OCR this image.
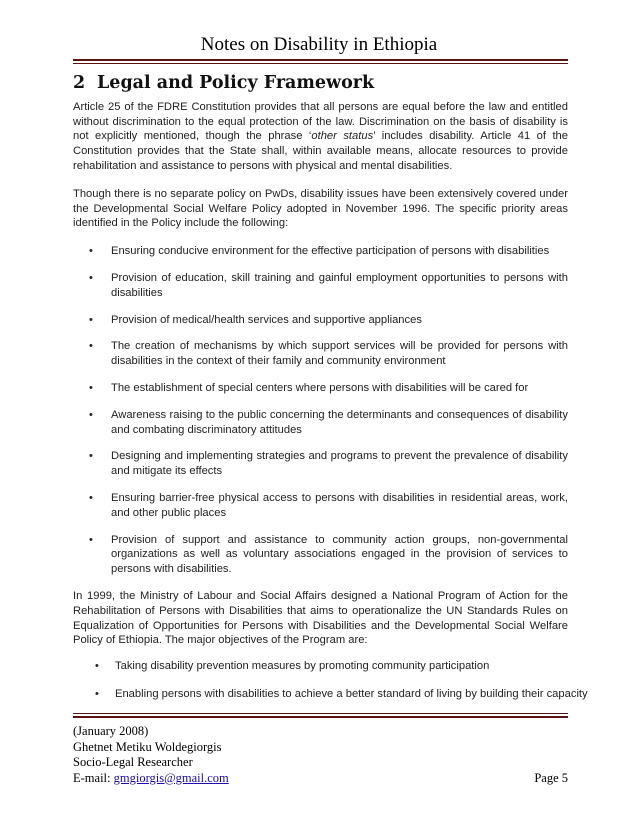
Notes on Disability in Ethiopia
2 Legal and Policy Framework

Article 25 of the FDRE Constitution provides that all persons are equal before the law and entitled without discrimination to the equal protection of the law. Discrimination on the basis of disability is not explicitly mentioned, though the phrase ‘other status’ includes disability. Article 41 of the Constitution provides that the State shall, within available means, allocate resources to provide rehabilitation and assistance to persons with physical and mental disabilities.

Though there is no separate policy on PwDs, disability issues have been extensively covered under the Developmental Social Welfare Policy adopted in November 1996. The specific priority areas identified in the Policy include the following:

• Ensuring conducive environment for the effective participation of persons with disabilities
• Provision of education, skill training and gainful employment opportunities to persons with disabilities
• Provision of medical/health services and supportive appliances
• The creation of mechanisms by which support services will be provided for persons with disabilities in the context of their family and community environment
• The establishment of special centers where persons with disabilities will be cared for
• Awareness raising to the public concerning the determinants and consequences of disability and combating discriminatory attitudes
• Designing and implementing strategies and programs to prevent the prevalence of disability and mitigate its effects
• Ensuring barrier-free physical access to persons with disabilities in residential areas, work, and other public places
• Provision of support and assistance to community action groups, non-governmental organizations as well as voluntary associations engaged in the provision of services to persons with disabilities.

In 1999, the Ministry of Labour and Social Affairs designed a National Program of Action for the Rehabilitation of Persons with Disabilities that aims to operationalize the UN Standards Rules on Equalization of Opportunities for Persons with Disabilities and the Developmental Social Welfare Policy of Ethiopia. The major objectives of the Program are:

• Taking disability prevention measures by promoting community participation
• Enabling persons with disabilities to achieve a better standard of living by building their capacity
(January 2008)
Ghetnet Metiku Woldegiorgis
Socio-Legal Researcher
E-mail: gmgiorgis@gmail.com	Page 5
